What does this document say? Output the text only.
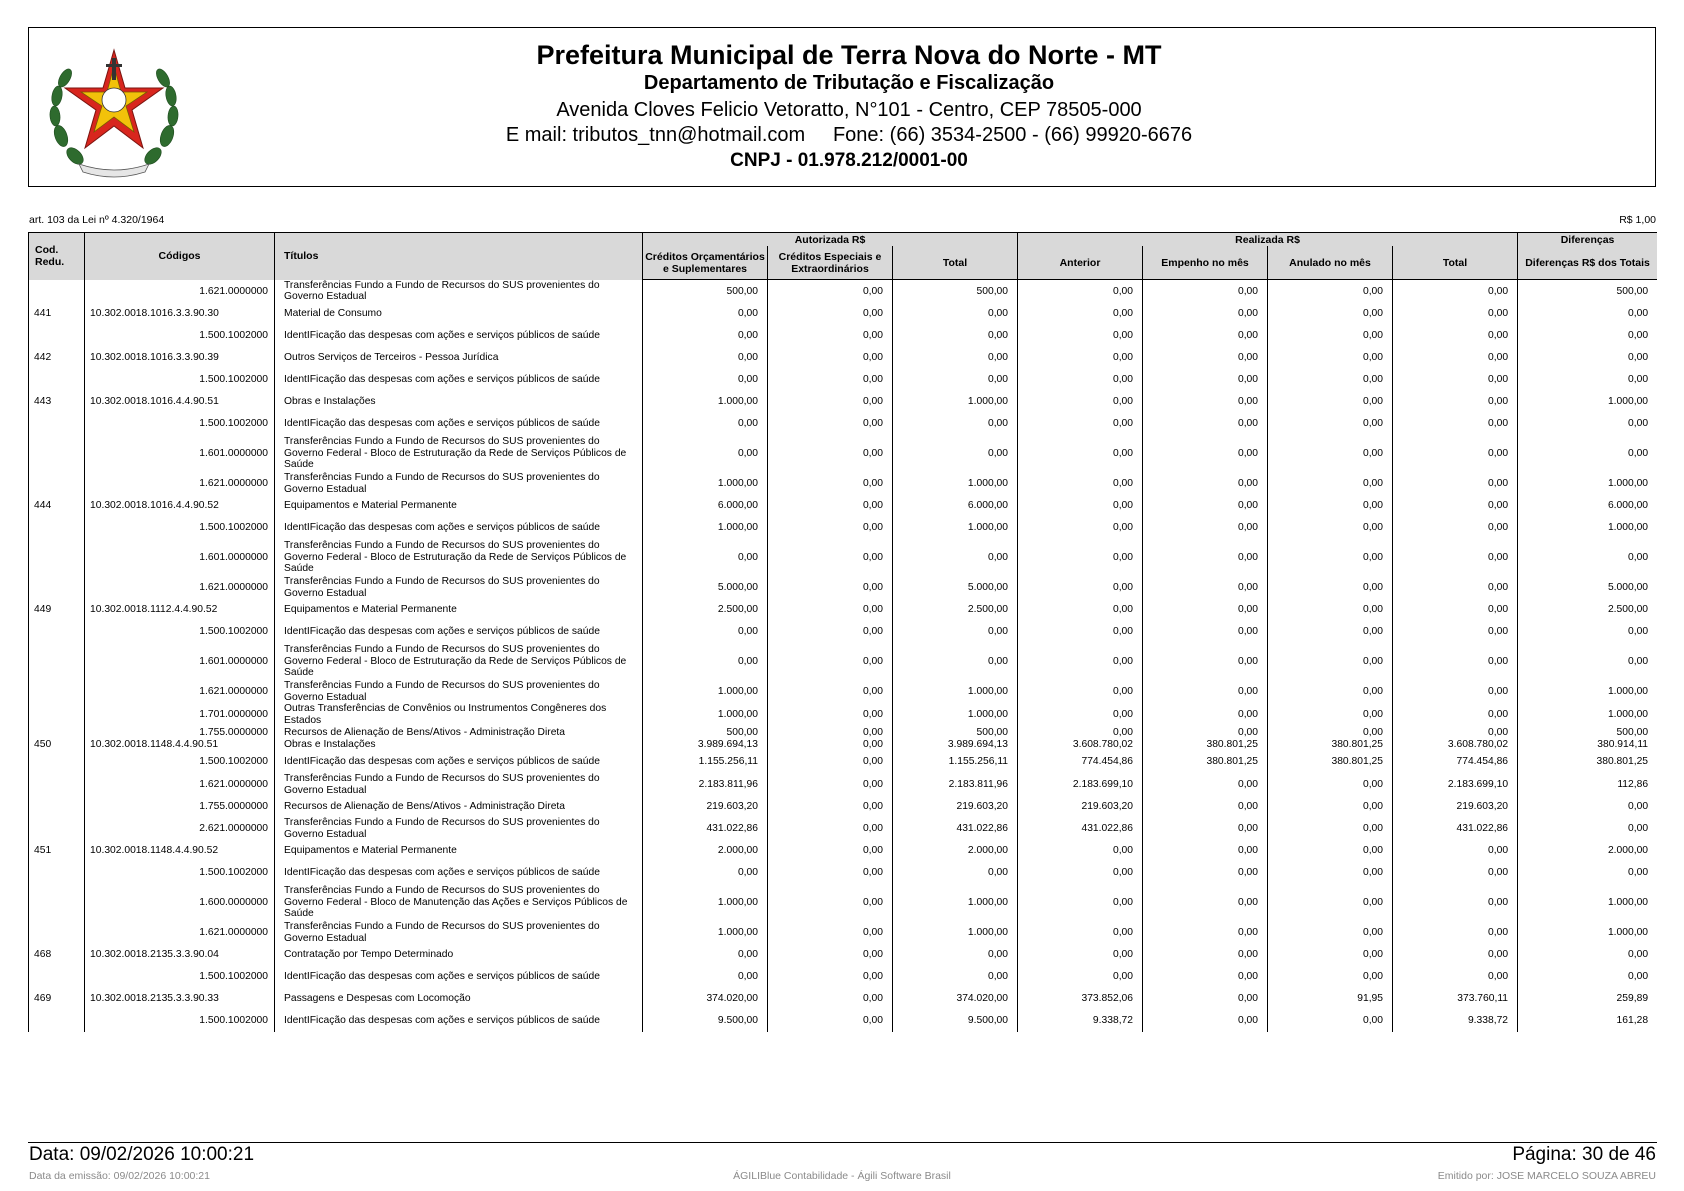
Prefeitura Municipal de Terra Nova do Norte - MT
Departamento de Tributação e Fiscalização
Avenida Cloves Felicio Vetoratto, N°101 - Centro, CEP 78505-000
E mail: tributos_tnn@hotmail.com     Fone: (66) 3534-2500 - (66) 99920-6676
CNPJ - 01.978.212/0001-00
art. 103 da Lei nº 4.320/1964	R$ 1,00
Cod. Redu.	Códigos	Títulos	Autorizada R$			Realizada R$				Diferenças
			Créditos Orçamentários e Suplementares	Créditos Especiais e Extraordinários	Total	Anterior	Empenho no mês	Anulado no mês	Total	Diferenças R$ dos Totais
	1.621.0000000	Transferências Fundo a Fundo de Recursos do SUS provenientes do Governo Estadual	500,00	0,00	500,00	0,00	0,00	0,00	0,00	500,00
441	10.302.0018.1016.3.3.90.30	Material de Consumo	0,00	0,00	0,00	0,00	0,00	0,00	0,00	0,00
	1.500.1002000	IdentIFicação das despesas com ações e serviços públicos de saúde	0,00	0,00	0,00	0,00	0,00	0,00	0,00	0,00
442	10.302.0018.1016.3.3.90.39	Outros Serviços de Terceiros - Pessoa Jurídica	0,00	0,00	0,00	0,00	0,00	0,00	0,00	0,00
	1.500.1002000	IdentIFicação das despesas com ações e serviços públicos de saúde	0,00	0,00	0,00	0,00	0,00	0,00	0,00	0,00
443	10.302.0018.1016.4.4.90.51	Obras e Instalações	1.000,00	0,00	1.000,00	0,00	0,00	0,00	0,00	1.000,00
	1.500.1002000	IdentIFicação das despesas com ações e serviços públicos de saúde	0,00	0,00	0,00	0,00	0,00	0,00	0,00	0,00
	1.601.0000000	Transferências Fundo a Fundo de Recursos do SUS provenientes do Governo Federal - Bloco de Estruturação da Rede de Serviços Públicos de Saúde	0,00	0,00	0,00	0,00	0,00	0,00	0,00	0,00
	1.621.0000000	Transferências Fundo a Fundo de Recursos do SUS provenientes do Governo Estadual	1.000,00	0,00	1.000,00	0,00	0,00	0,00	0,00	1.000,00
444	10.302.0018.1016.4.4.90.52	Equipamentos e Material Permanente	6.000,00	0,00	6.000,00	0,00	0,00	0,00	0,00	6.000,00
	1.500.1002000	IdentIFicação das despesas com ações e serviços públicos de saúde	1.000,00	0,00	1.000,00	0,00	0,00	0,00	0,00	1.000,00
	1.601.0000000	Transferências Fundo a Fundo de Recursos do SUS provenientes do Governo Federal - Bloco de Estruturação da Rede de Serviços Públicos de Saúde	0,00	0,00	0,00	0,00	0,00	0,00	0,00	0,00
	1.621.0000000	Transferências Fundo a Fundo de Recursos do SUS provenientes do Governo Estadual	5.000,00	0,00	5.000,00	0,00	0,00	0,00	0,00	5.000,00
449	10.302.0018.1112.4.4.90.52	Equipamentos e Material Permanente	2.500,00	0,00	2.500,00	0,00	0,00	0,00	0,00	2.500,00
	1.500.1002000	IdentIFicação das despesas com ações e serviços públicos de saúde	0,00	0,00	0,00	0,00	0,00	0,00	0,00	0,00
	1.601.0000000	Transferências Fundo a Fundo de Recursos do SUS provenientes do Governo Federal - Bloco de Estruturação da Rede de Serviços Públicos de Saúde	0,00	0,00	0,00	0,00	0,00	0,00	0,00	0,00
	1.621.0000000	Transferências Fundo a Fundo de Recursos do SUS provenientes do Governo Estadual	1.000,00	0,00	1.000,00	0,00	0,00	0,00	0,00	1.000,00
	1.701.0000000	Outras Transferências de Convênios ou Instrumentos Congêneres dos Estados	1.000,00	0,00	1.000,00	0,00	0,00	0,00	0,00	1.000,00
	1.755.0000000	Recursos de Alienação de Bens/Ativos - Administração Direta	500,00	0,00	500,00	0,00	0,00	0,00	0,00	500,00
450	10.302.0018.1148.4.4.90.51	Obras e Instalações	3.989.694,13	0,00	3.989.694,13	3.608.780,02	380.801,25	380.801,25	3.608.780,02	380.914,11
	1.500.1002000	IdentIFicação das despesas com ações e serviços públicos de saúde	1.155.256,11	0,00	1.155.256,11	774.454,86	380.801,25	380.801,25	774.454,86	380.801,25
	1.621.0000000	Transferências Fundo a Fundo de Recursos do SUS provenientes do Governo Estadual	2.183.811,96	0,00	2.183.811,96	2.183.699,10	0,00	0,00	2.183.699,10	112,86
	1.755.0000000	Recursos de Alienação de Bens/Ativos - Administração Direta	219.603,20	0,00	219.603,20	219.603,20	0,00	0,00	219.603,20	0,00
	2.621.0000000	Transferências Fundo a Fundo de Recursos do SUS provenientes do Governo Estadual	431.022,86	0,00	431.022,86	431.022,86	0,00	0,00	431.022,86	0,00
451	10.302.0018.1148.4.4.90.52	Equipamentos e Material Permanente	2.000,00	0,00	2.000,00	0,00	0,00	0,00	0,00	2.000,00
	1.500.1002000	IdentIFicação das despesas com ações e serviços públicos de saúde	0,00	0,00	0,00	0,00	0,00	0,00	0,00	0,00
	1.600.0000000	Transferências Fundo a Fundo de Recursos do SUS provenientes do Governo Federal - Bloco de Manutenção das Ações e Serviços Públicos de Saúde	1.000,00	0,00	1.000,00	0,00	0,00	0,00	0,00	1.000,00
	1.621.0000000	Transferências Fundo a Fundo de Recursos do SUS provenientes do Governo Estadual	1.000,00	0,00	1.000,00	0,00	0,00	0,00	0,00	1.000,00
468	10.302.0018.2135.3.3.90.04	Contratação por Tempo Determinado	0,00	0,00	0,00	0,00	0,00	0,00	0,00	0,00
	1.500.1002000	IdentIFicação das despesas com ações e serviços públicos de saúde	0,00	0,00	0,00	0,00	0,00	0,00	0,00	0,00
469	10.302.0018.2135.3.3.90.33	Passagens e Despesas com Locomoção	374.020,00	0,00	374.020,00	373.852,06	0,00	91,95	373.760,11	259,89
	1.500.1002000	IdentIFicação das despesas com ações e serviços públicos de saúde	9.500,00	0,00	9.500,00	9.338,72	0,00	0,00	9.338,72	161,28
Data: 09/02/2026 10:00:21	Página: 30 de 46
Data da emissão: 09/02/2026 10:00:21	ÁGILIBlue Contabilidade - Ágili Software Brasil	Emitido por: JOSE MARCELO SOUZA ABREU
